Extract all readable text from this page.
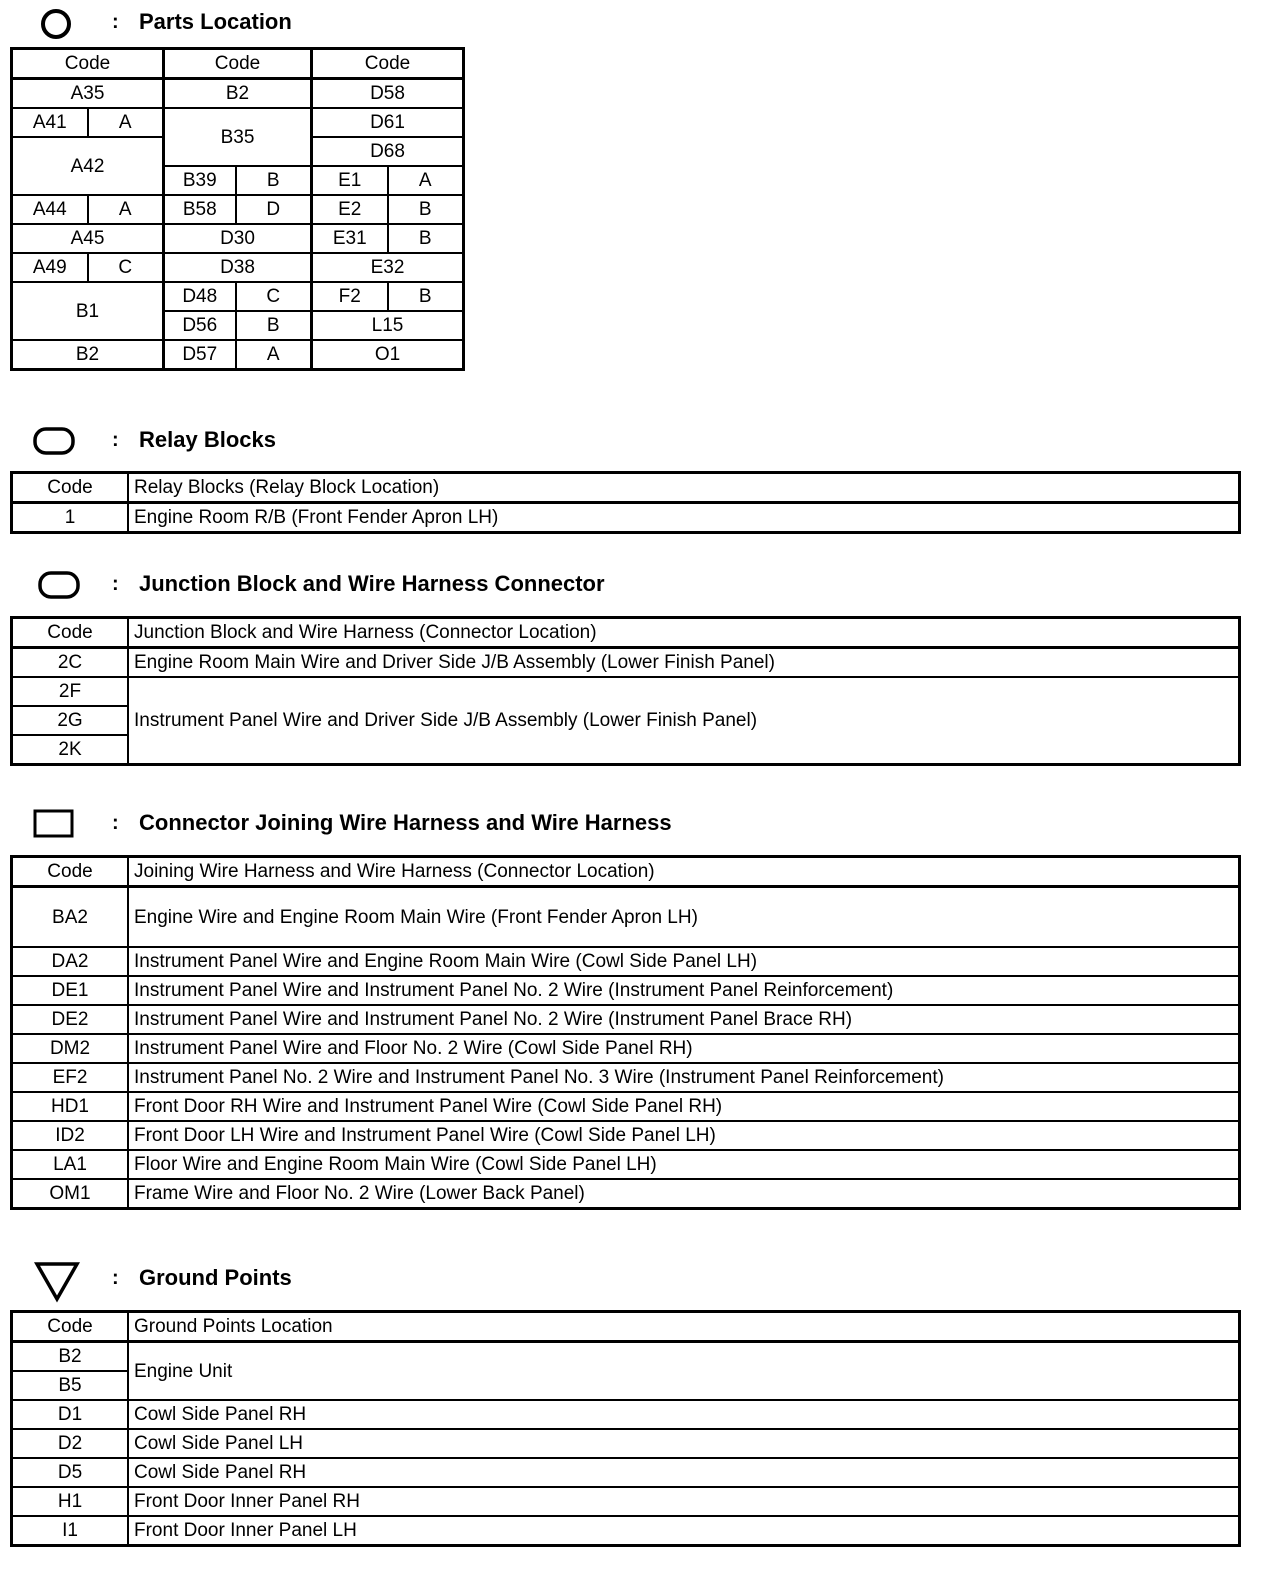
: Parts Location
Code		Code		Code	
A35		B2		D58	
A41	A	B35		D61	
A42				D68	
		B39	B	E1	A
A44	A	B58	D	E2	B
A45		D30		E31	B
A49	C	D38		E32	
B1		D48	C	F2	B
		D56	B	L15	
B2		D57	A	O1	
: Relay Blocks
Code	Relay Blocks (Relay Block Location)
1	Engine Room R/B (Front Fender Apron LH)
: Junction Block and Wire Harness Connector
Code	Junction Block and Wire Harness (Connector Location)
2C	Engine Room Main Wire and Driver Side J/B Assembly (Lower Finish Panel)
2F	Instrument Panel Wire and Driver Side J/B Assembly (Lower Finish Panel)
2G	
2K	
: Connector Joining Wire Harness and Wire Harness
Code	Joining Wire Harness and Wire Harness (Connector Location)
BA2	Engine Wire and Engine Room Main Wire (Front Fender Apron LH)
DA2	Instrument Panel Wire and Engine Room Main Wire (Cowl Side Panel LH)
DE1	Instrument Panel Wire and Instrument Panel No. 2 Wire (Instrument Panel Reinforcement)
DE2	Instrument Panel Wire and Instrument Panel No. 2 Wire (Instrument Panel Brace RH)
DM2	Instrument Panel Wire and Floor No. 2 Wire (Cowl Side Panel RH)
EF2	Instrument Panel No. 2 Wire and Instrument Panel No. 3 Wire (Instrument Panel Reinforcement)
HD1	Front Door RH Wire and Instrument Panel Wire (Cowl Side Panel RH)
ID2	Front Door LH Wire and Instrument Panel Wire (Cowl Side Panel LH)
LA1	Floor Wire and Engine Room Main Wire (Cowl Side Panel LH)
OM1	Frame Wire and Floor No. 2 Wire (Lower Back Panel)
: Ground Points
Code	Ground Points Location
B2	Engine Unit
B5	
D1	Cowl Side Panel RH
D2	Cowl Side Panel LH
D5	Cowl Side Panel RH
H1	Front Door Inner Panel RH
I1	Front Door Inner Panel LH
